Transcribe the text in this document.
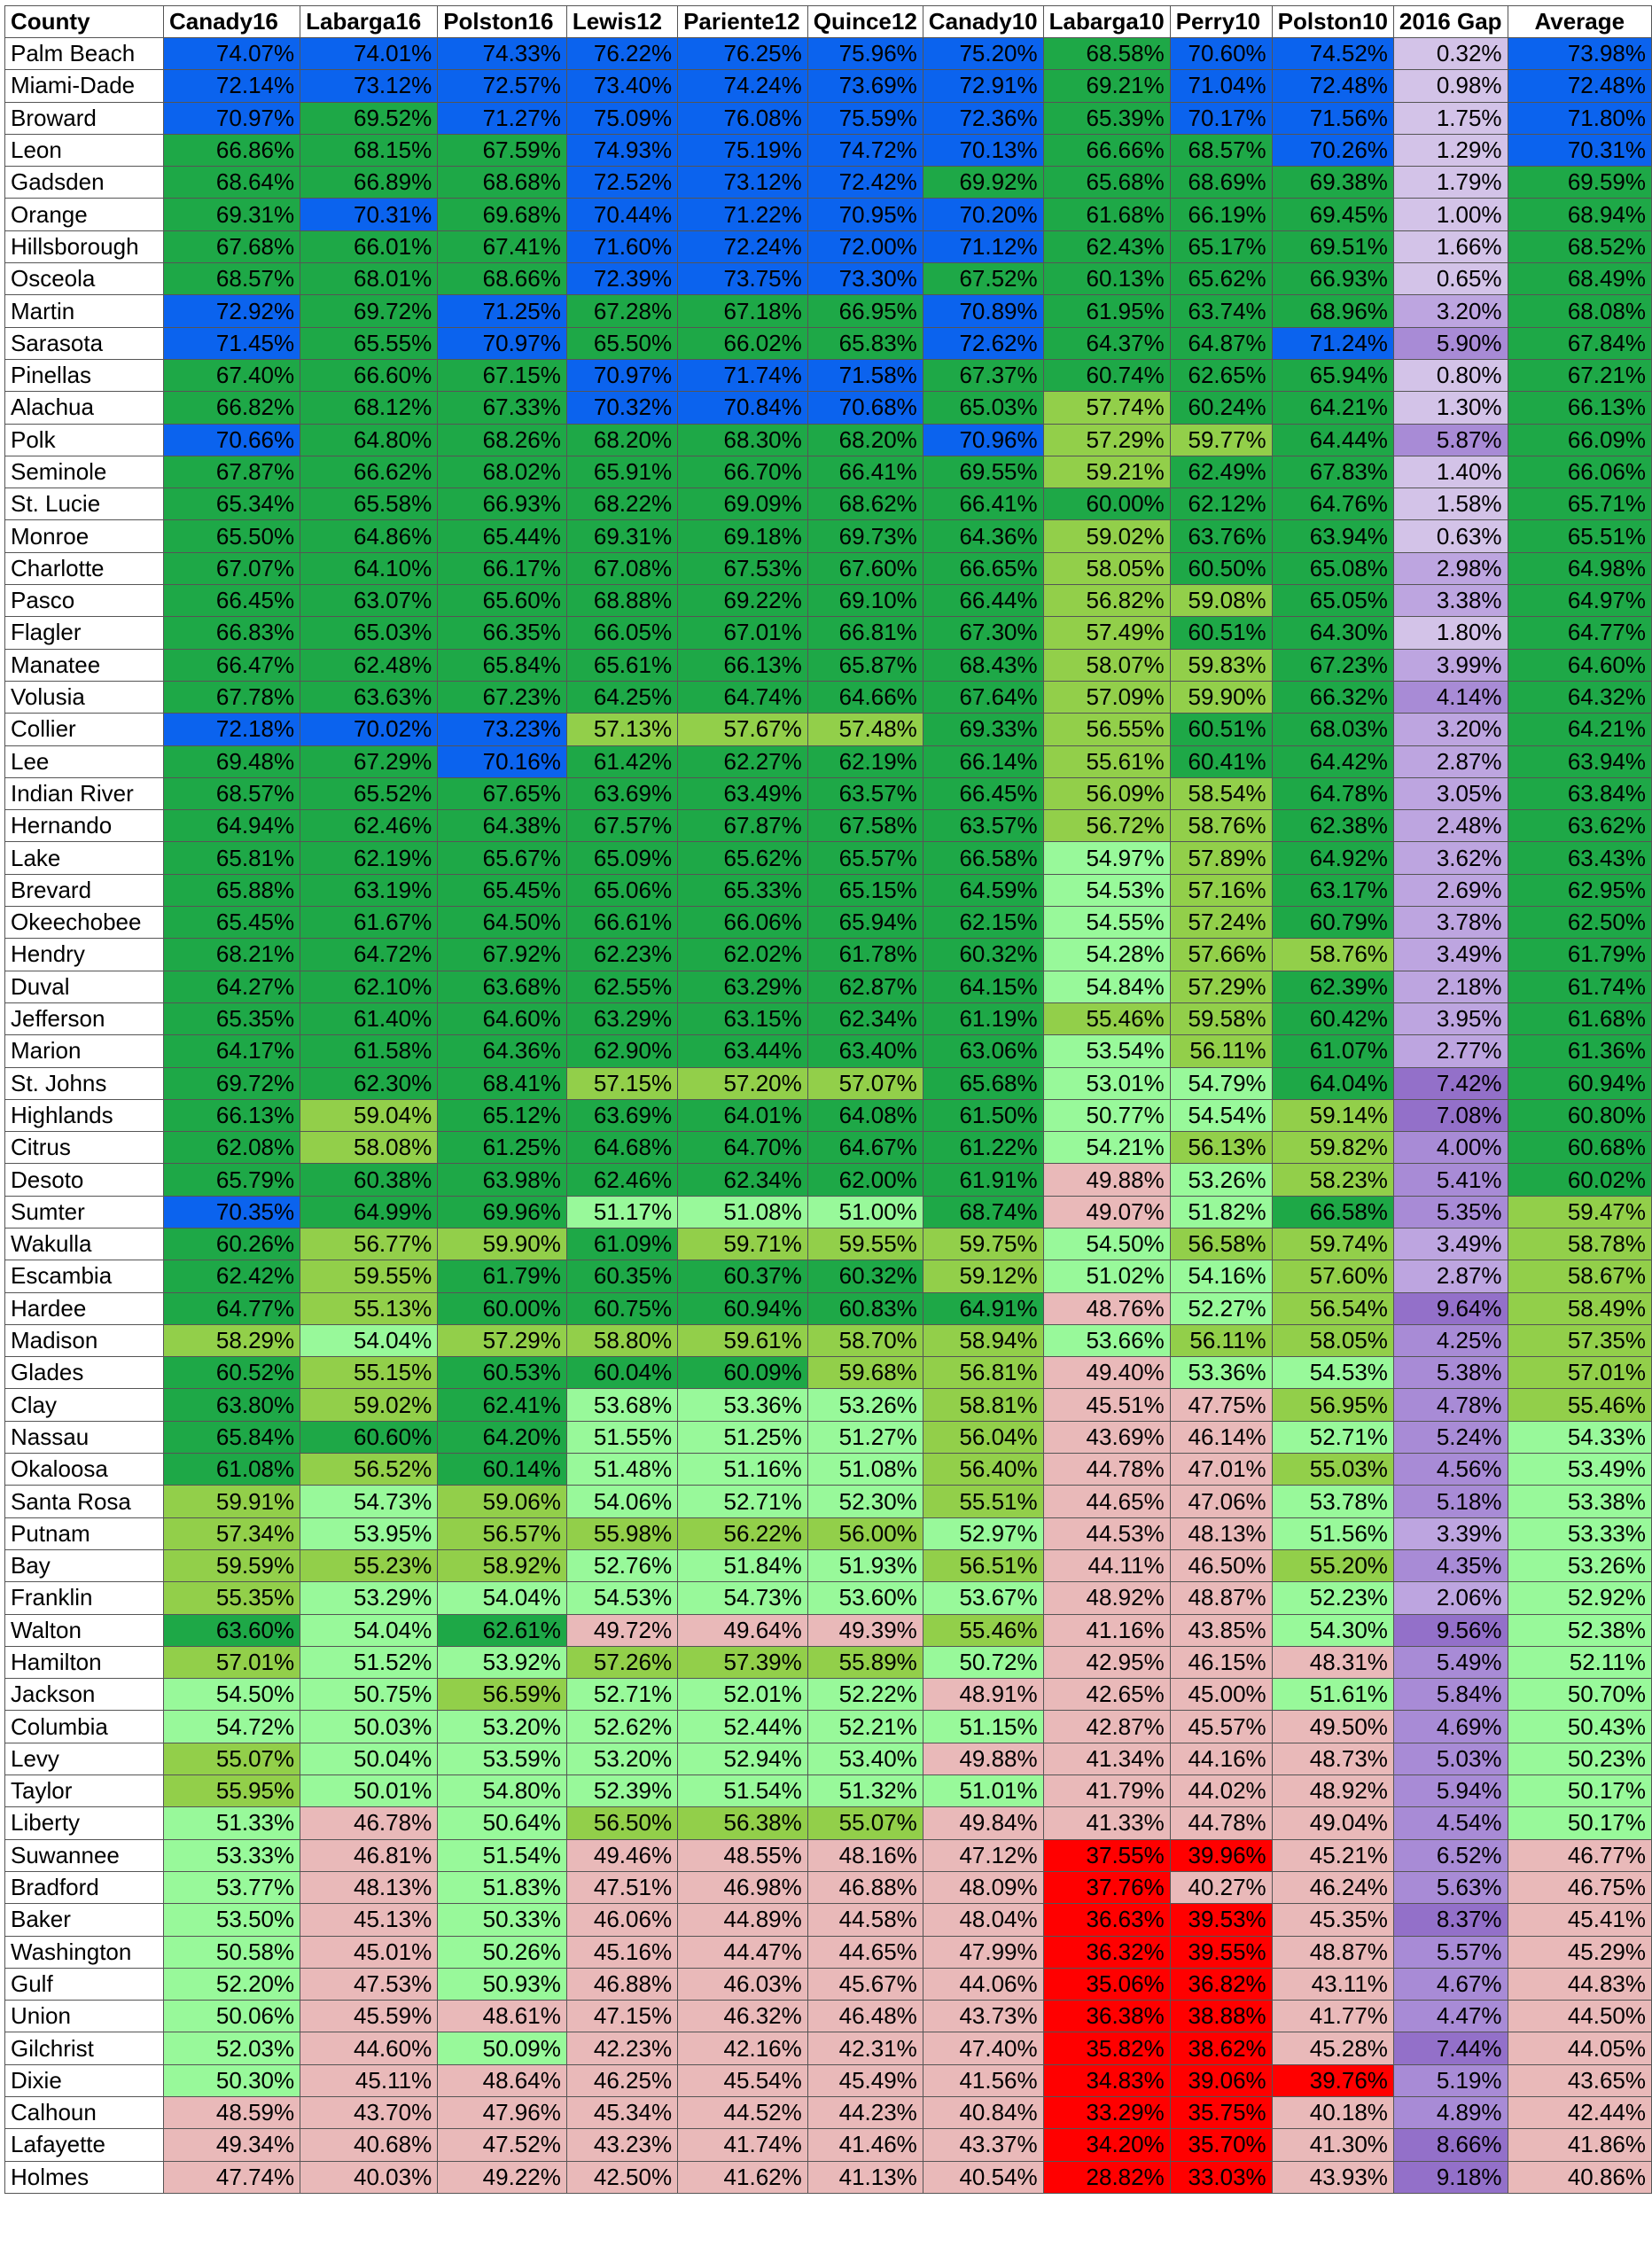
County	Canady16	Labarga16	Polston16	Lewis12	Pariente12	Quince12	Canady10	Labarga10	Perry10	Polston10	2016 Gap	Average
Palm Beach	74.07%	74.01%	74.33%	76.22%	76.25%	75.96%	75.20%	68.58%	70.60%	74.52%	0.32%	73.98%
Miami-Dade	72.14%	73.12%	72.57%	73.40%	74.24%	73.69%	72.91%	69.21%	71.04%	72.48%	0.98%	72.48%
Broward	70.97%	69.52%	71.27%	75.09%	76.08%	75.59%	72.36%	65.39%	70.17%	71.56%	1.75%	71.80%
Leon	66.86%	68.15%	67.59%	74.93%	75.19%	74.72%	70.13%	66.66%	68.57%	70.26%	1.29%	70.31%
Gadsden	68.64%	66.89%	68.68%	72.52%	73.12%	72.42%	69.92%	65.68%	68.69%	69.38%	1.79%	69.59%
Orange	69.31%	70.31%	69.68%	70.44%	71.22%	70.95%	70.20%	61.68%	66.19%	69.45%	1.00%	68.94%
Hillsborough	67.68%	66.01%	67.41%	71.60%	72.24%	72.00%	71.12%	62.43%	65.17%	69.51%	1.66%	68.52%
Osceola	68.57%	68.01%	68.66%	72.39%	73.75%	73.30%	67.52%	60.13%	65.62%	66.93%	0.65%	68.49%
Martin	72.92%	69.72%	71.25%	67.28%	67.18%	66.95%	70.89%	61.95%	63.74%	68.96%	3.20%	68.08%
Sarasota	71.45%	65.55%	70.97%	65.50%	66.02%	65.83%	72.62%	64.37%	64.87%	71.24%	5.90%	67.84%
Pinellas	67.40%	66.60%	67.15%	70.97%	71.74%	71.58%	67.37%	60.74%	62.65%	65.94%	0.80%	67.21%
Alachua	66.82%	68.12%	67.33%	70.32%	70.84%	70.68%	65.03%	57.74%	60.24%	64.21%	1.30%	66.13%
Polk	70.66%	64.80%	68.26%	68.20%	68.30%	68.20%	70.96%	57.29%	59.77%	64.44%	5.87%	66.09%
Seminole	67.87%	66.62%	68.02%	65.91%	66.70%	66.41%	69.55%	59.21%	62.49%	67.83%	1.40%	66.06%
St. Lucie	65.34%	65.58%	66.93%	68.22%	69.09%	68.62%	66.41%	60.00%	62.12%	64.76%	1.58%	65.71%
Monroe	65.50%	64.86%	65.44%	69.31%	69.18%	69.73%	64.36%	59.02%	63.76%	63.94%	0.63%	65.51%
Charlotte	67.07%	64.10%	66.17%	67.08%	67.53%	67.60%	66.65%	58.05%	60.50%	65.08%	2.98%	64.98%
Pasco	66.45%	63.07%	65.60%	68.88%	69.22%	69.10%	66.44%	56.82%	59.08%	65.05%	3.38%	64.97%
Flagler	66.83%	65.03%	66.35%	66.05%	67.01%	66.81%	67.30%	57.49%	60.51%	64.30%	1.80%	64.77%
Manatee	66.47%	62.48%	65.84%	65.61%	66.13%	65.87%	68.43%	58.07%	59.83%	67.23%	3.99%	64.60%
Volusia	67.78%	63.63%	67.23%	64.25%	64.74%	64.66%	67.64%	57.09%	59.90%	66.32%	4.14%	64.32%
Collier	72.18%	70.02%	73.23%	57.13%	57.67%	57.48%	69.33%	56.55%	60.51%	68.03%	3.20%	64.21%
Lee	69.48%	67.29%	70.16%	61.42%	62.27%	62.19%	66.14%	55.61%	60.41%	64.42%	2.87%	63.94%
Indian River	68.57%	65.52%	67.65%	63.69%	63.49%	63.57%	66.45%	56.09%	58.54%	64.78%	3.05%	63.84%
Hernando	64.94%	62.46%	64.38%	67.57%	67.87%	67.58%	63.57%	56.72%	58.76%	62.38%	2.48%	63.62%
Lake	65.81%	62.19%	65.67%	65.09%	65.62%	65.57%	66.58%	54.97%	57.89%	64.92%	3.62%	63.43%
Brevard	65.88%	63.19%	65.45%	65.06%	65.33%	65.15%	64.59%	54.53%	57.16%	63.17%	2.69%	62.95%
Okeechobee	65.45%	61.67%	64.50%	66.61%	66.06%	65.94%	62.15%	54.55%	57.24%	60.79%	3.78%	62.50%
Hendry	68.21%	64.72%	67.92%	62.23%	62.02%	61.78%	60.32%	54.28%	57.66%	58.76%	3.49%	61.79%
Duval	64.27%	62.10%	63.68%	62.55%	63.29%	62.87%	64.15%	54.84%	57.29%	62.39%	2.18%	61.74%
Jefferson	65.35%	61.40%	64.60%	63.29%	63.15%	62.34%	61.19%	55.46%	59.58%	60.42%	3.95%	61.68%
Marion	64.17%	61.58%	64.36%	62.90%	63.44%	63.40%	63.06%	53.54%	56.11%	61.07%	2.77%	61.36%
St. Johns	69.72%	62.30%	68.41%	57.15%	57.20%	57.07%	65.68%	53.01%	54.79%	64.04%	7.42%	60.94%
Highlands	66.13%	59.04%	65.12%	63.69%	64.01%	64.08%	61.50%	50.77%	54.54%	59.14%	7.08%	60.80%
Citrus	62.08%	58.08%	61.25%	64.68%	64.70%	64.67%	61.22%	54.21%	56.13%	59.82%	4.00%	60.68%
Desoto	65.79%	60.38%	63.98%	62.46%	62.34%	62.00%	61.91%	49.88%	53.26%	58.23%	5.41%	60.02%
Sumter	70.35%	64.99%	69.96%	51.17%	51.08%	51.00%	68.74%	49.07%	51.82%	66.58%	5.35%	59.47%
Wakulla	60.26%	56.77%	59.90%	61.09%	59.71%	59.55%	59.75%	54.50%	56.58%	59.74%	3.49%	58.78%
Escambia	62.42%	59.55%	61.79%	60.35%	60.37%	60.32%	59.12%	51.02%	54.16%	57.60%	2.87%	58.67%
Hardee	64.77%	55.13%	60.00%	60.75%	60.94%	60.83%	64.91%	48.76%	52.27%	56.54%	9.64%	58.49%
Madison	58.29%	54.04%	57.29%	58.80%	59.61%	58.70%	58.94%	53.66%	56.11%	58.05%	4.25%	57.35%
Glades	60.52%	55.15%	60.53%	60.04%	60.09%	59.68%	56.81%	49.40%	53.36%	54.53%	5.38%	57.01%
Clay	63.80%	59.02%	62.41%	53.68%	53.36%	53.26%	58.81%	45.51%	47.75%	56.95%	4.78%	55.46%
Nassau	65.84%	60.60%	64.20%	51.55%	51.25%	51.27%	56.04%	43.69%	46.14%	52.71%	5.24%	54.33%
Okaloosa	61.08%	56.52%	60.14%	51.48%	51.16%	51.08%	56.40%	44.78%	47.01%	55.03%	4.56%	53.49%
Santa Rosa	59.91%	54.73%	59.06%	54.06%	52.71%	52.30%	55.51%	44.65%	47.06%	53.78%	5.18%	53.38%
Putnam	57.34%	53.95%	56.57%	55.98%	56.22%	56.00%	52.97%	44.53%	48.13%	51.56%	3.39%	53.33%
Bay	59.59%	55.23%	58.92%	52.76%	51.84%	51.93%	56.51%	44.11%	46.50%	55.20%	4.35%	53.26%
Franklin	55.35%	53.29%	54.04%	54.53%	54.73%	53.60%	53.67%	48.92%	48.87%	52.23%	2.06%	52.92%
Walton	63.60%	54.04%	62.61%	49.72%	49.64%	49.39%	55.46%	41.16%	43.85%	54.30%	9.56%	52.38%
Hamilton	57.01%	51.52%	53.92%	57.26%	57.39%	55.89%	50.72%	42.95%	46.15%	48.31%	5.49%	52.11%
Jackson	54.50%	50.75%	56.59%	52.71%	52.01%	52.22%	48.91%	42.65%	45.00%	51.61%	5.84%	50.70%
Columbia	54.72%	50.03%	53.20%	52.62%	52.44%	52.21%	51.15%	42.87%	45.57%	49.50%	4.69%	50.43%
Levy	55.07%	50.04%	53.59%	53.20%	52.94%	53.40%	49.88%	41.34%	44.16%	48.73%	5.03%	50.23%
Taylor	55.95%	50.01%	54.80%	52.39%	51.54%	51.32%	51.01%	41.79%	44.02%	48.92%	5.94%	50.17%
Liberty	51.33%	46.78%	50.64%	56.50%	56.38%	55.07%	49.84%	41.33%	44.78%	49.04%	4.54%	50.17%
Suwannee	53.33%	46.81%	51.54%	49.46%	48.55%	48.16%	47.12%	37.55%	39.96%	45.21%	6.52%	46.77%
Bradford	53.77%	48.13%	51.83%	47.51%	46.98%	46.88%	48.09%	37.76%	40.27%	46.24%	5.63%	46.75%
Baker	53.50%	45.13%	50.33%	46.06%	44.89%	44.58%	48.04%	36.63%	39.53%	45.35%	8.37%	45.41%
Washington	50.58%	45.01%	50.26%	45.16%	44.47%	44.65%	47.99%	36.32%	39.55%	48.87%	5.57%	45.29%
Gulf	52.20%	47.53%	50.93%	46.88%	46.03%	45.67%	44.06%	35.06%	36.82%	43.11%	4.67%	44.83%
Union	50.06%	45.59%	48.61%	47.15%	46.32%	46.48%	43.73%	36.38%	38.88%	41.77%	4.47%	44.50%
Gilchrist	52.03%	44.60%	50.09%	42.23%	42.16%	42.31%	47.40%	35.82%	38.62%	45.28%	7.44%	44.05%
Dixie	50.30%	45.11%	48.64%	46.25%	45.54%	45.49%	41.56%	34.83%	39.06%	39.76%	5.19%	43.65%
Calhoun	48.59%	43.70%	47.96%	45.34%	44.52%	44.23%	40.84%	33.29%	35.75%	40.18%	4.89%	42.44%
Lafayette	49.34%	40.68%	47.52%	43.23%	41.74%	41.46%	43.37%	34.20%	35.70%	41.30%	8.66%	41.86%
Holmes	47.74%	40.03%	49.22%	42.50%	41.62%	41.13%	40.54%	28.82%	33.03%	43.93%	9.18%	40.86%
